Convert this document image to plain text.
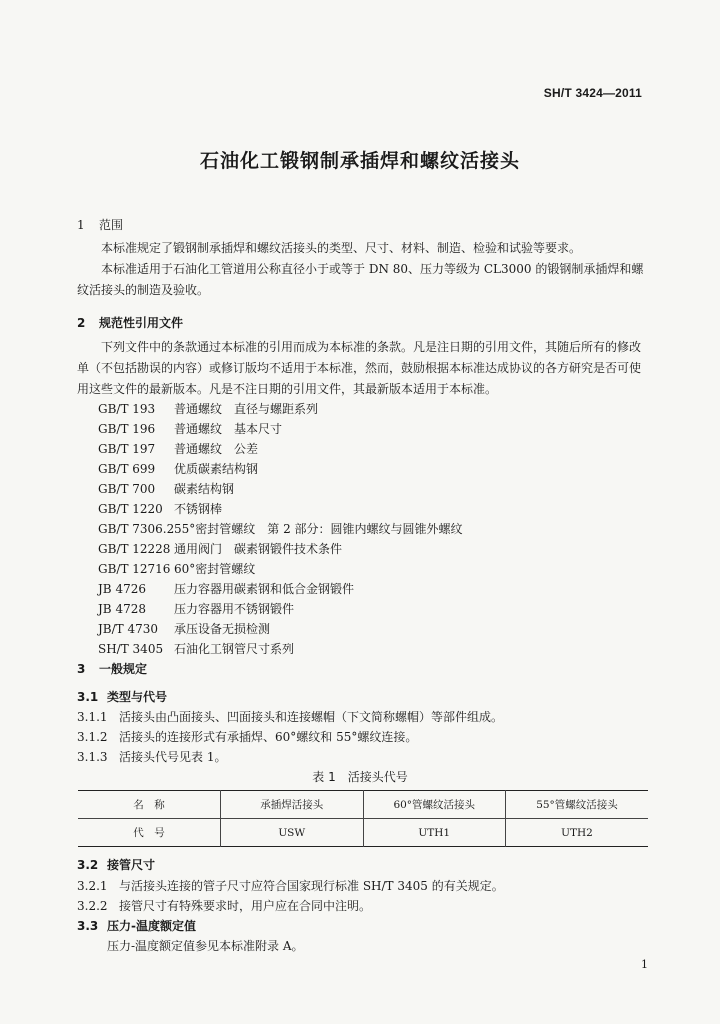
SH/T 3424—2011
石油化工锻钢制承插焊和螺纹活接头
1 范围
本标准规定了锻钢制承插焊和螺纹活接头的类型、尺寸、材料、制造、检验和试验等要求。
本标准适用于石油化工管道用公称直径小于或等于 DN 80、压力等级为 CL3000 的锻钢制承插焊和螺纹活接头的制造及验收。
2 规范性引用文件
下列文件中的条款通过本标准的引用而成为本标准的条款。凡是注日期的引用文件，其随后所有的修改单（不包括勘误的内容）或修订版均不适用于本标准，然而，鼓励根据本标准达成协议的各方研究是否可使用这些文件的最新版本。凡是不注日期的引用文件，其最新版本适用于本标准。
GB/T 193 普通螺纹　直径与螺距系列
GB/T 196 普通螺纹　基本尺寸
GB/T 197 普通螺纹　公差
GB/T 699 优质碳素结构钢
GB/T 700 碳素结构钢
GB/T 1220 不锈钢棒
GB/T 7306.255°密封管螺纹　第 2 部分：圆锥内螺纹与圆锥外螺纹
GB/T 12228 通用阀门　碳素钢锻件技术条件
GB/T 12716 60°密封管螺纹
JB 4726 压力容器用碳素钢和低合金钢锻件
JB 4728 压力容器用不锈钢锻件
JB/T 4730 承压设备无损检测
SH/T 3405 石油化工钢管尺寸系列
3 一般规定
3.1 类型与代号
3.1.1 活接头由凸面接头、凹面接头和连接螺帽（下文简称螺帽）等部件组成。
3.1.2 活接头的连接形式有承插焊、60°螺纹和 55°螺纹连接。
3.1.3 活接头代号见表 1。
表 1　活接头代号
名　称	承插焊活接头	60°管螺纹活接头	55°管螺纹活接头
代　号	USW	UTH1	UTH2
3.2 接管尺寸
3.2.1 与活接头连接的管子尺寸应符合国家现行标准 SH/T 3405 的有关规定。
3.2.2 接管尺寸有特殊要求时，用户应在合同中注明。
3.3 压力-温度额定值
压力-温度额定值参见本标准附录 A。
1
